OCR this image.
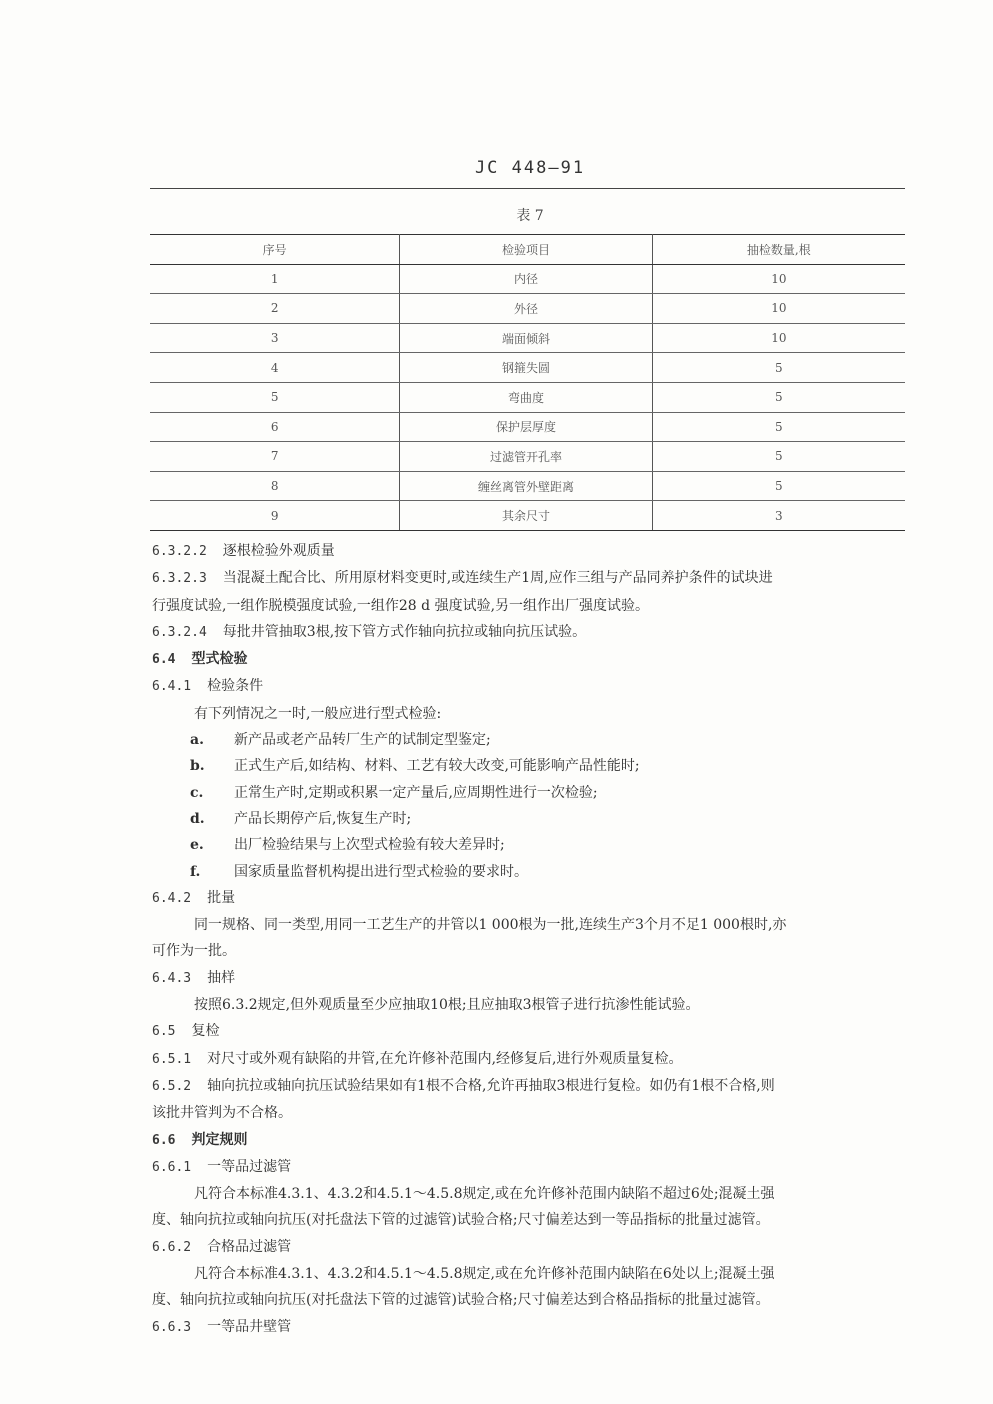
JC 448—91
表 7
序号	检验项目	抽检数量,根
1	内径	10
2	外径	10
3	端面倾斜	10
4	钢箍失圆	5
5	弯曲度	5
6	保护层厚度	5
7	过滤管开孔率	5
8	缠丝离管外壁距离	5
9	其余尺寸	3

6.3.2.2 逐根检验外观质量

6.3.2.3 当混凝土配合比、所用原材料变更时,或连续生产1周,应作三组与产品同养护条件的试块进

行强度试验,一组作脱模强度试验,一组作28 d 强度试验,另一组作出厂强度试验。

6.3.2.4 每批井管抽取3根,按下管方式作轴向抗拉或轴向抗压试验。

6.4 型式检验

6.4.1 检验条件

有下列情况之一时,一般应进行型式检验:

a. 新产品或老产品转厂生产的试制定型鉴定;

b. 正式生产后,如结构、材料、工艺有较大改变,可能影响产品性能时;

c. 正常生产时,定期或积累一定产量后,应周期性进行一次检验;

d. 产品长期停产后,恢复生产时;

e. 出厂检验结果与上次型式检验有较大差异时;

f. 国家质量监督机构提出进行型式检验的要求时。

6.4.2 批量

同一规格、同一类型,用同一工艺生产的井管以1 000根为一批,连续生产3个月不足1 000根时,亦

可作为一批。

6.4.3 抽样

按照6.3.2规定,但外观质量至少应抽取10根;且应抽取3根管子进行抗渗性能试验。

6.5 复检

6.5.1 对尺寸或外观有缺陷的井管,在允许修补范围内,经修复后,进行外观质量复检。

6.5.2 轴向抗拉或轴向抗压试验结果如有1根不合格,允许再抽取3根进行复检。如仍有1根不合格,则

该批井管判为不合格。

6.6 判定规则

6.6.1 一等品过滤管

凡符合本标准4.3.1、4.3.2和4.5.1～4.5.8规定,或在允许修补范围内缺陷不超过6处;混凝土强

度、轴向抗拉或轴向抗压(对托盘法下管的过滤管)试验合格;尺寸偏差达到一等品指标的批量过滤管。

6.6.2 合格品过滤管

凡符合本标准4.3.1、4.3.2和4.5.1～4.5.8规定,或在允许修补范围内缺陷在6处以上;混凝土强

度、轴向抗拉或轴向抗压(对托盘法下管的过滤管)试验合格;尺寸偏差达到合格品指标的批量过滤管。

6.6.3 一等品井壁管
